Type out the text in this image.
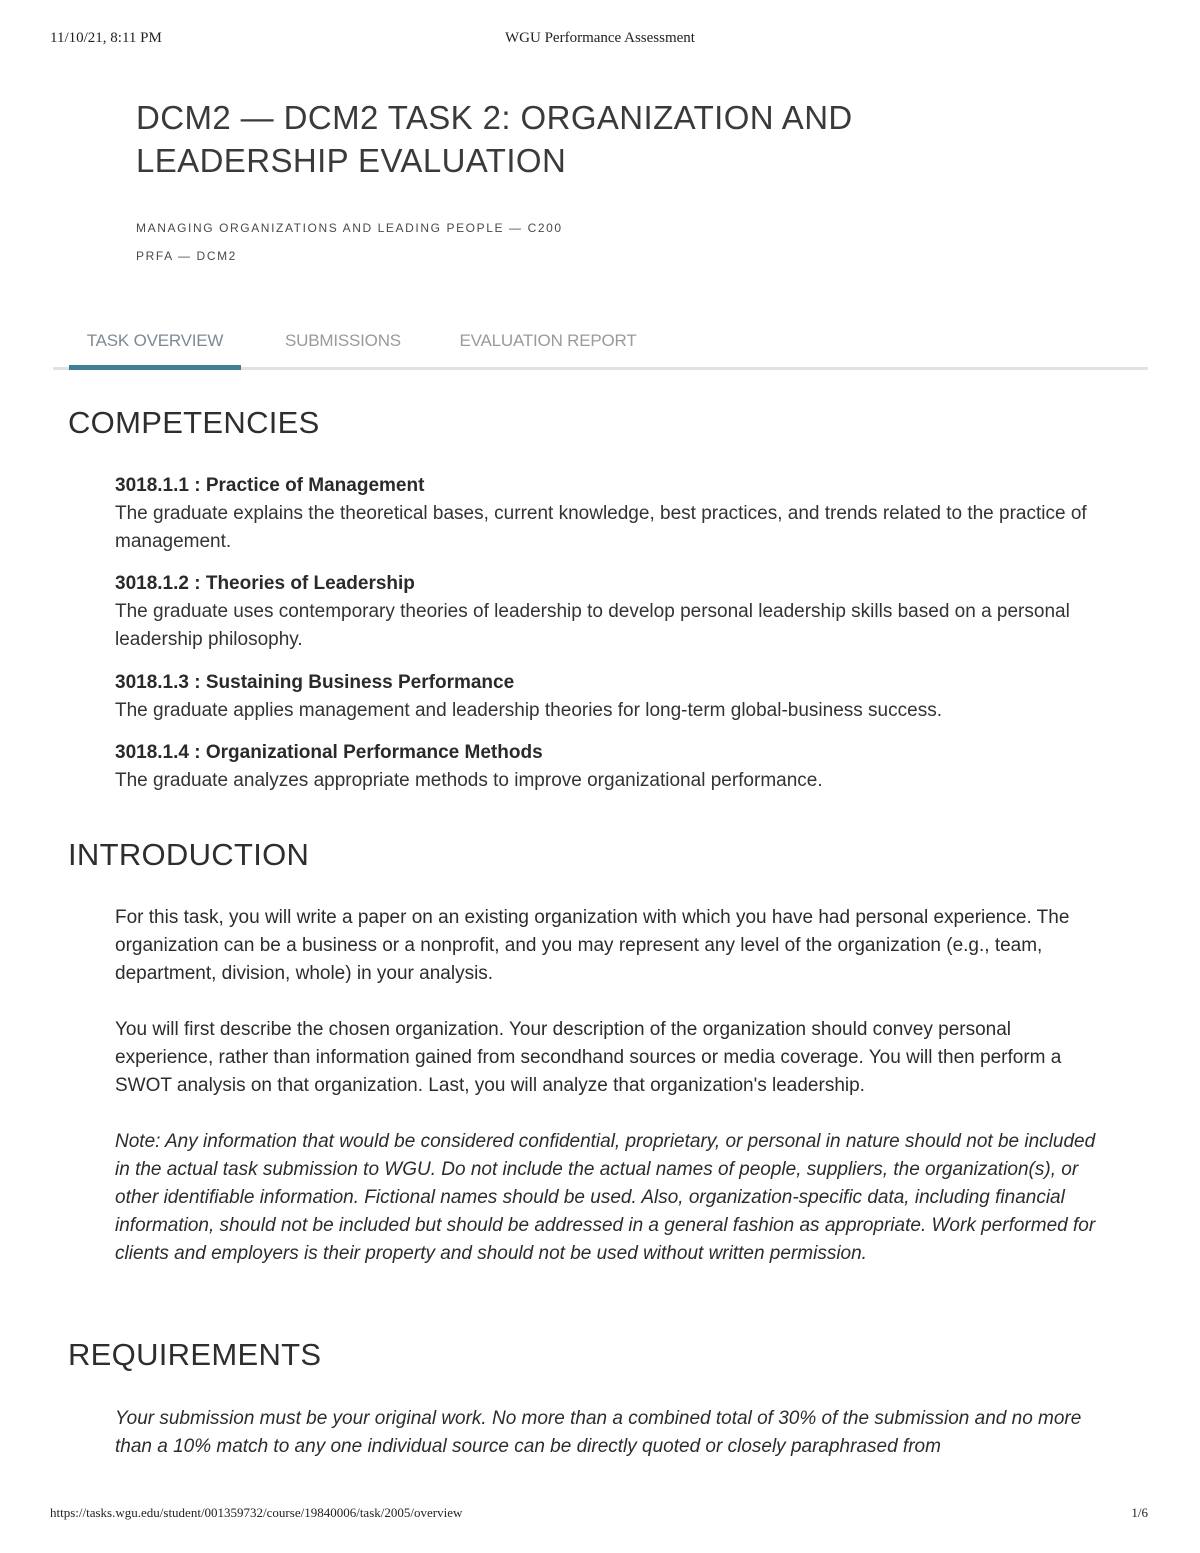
11/10/21, 8:11 PM	WGU Performance Assessment
DCM2 — DCM2 TASK 2: ORGANIZATION AND LEADERSHIP EVALUATION
MANAGING ORGANIZATIONS AND LEADING PEOPLE — C200
PRFA — DCM2
TASK OVERVIEW	SUBMISSIONS	EVALUATION REPORT
COMPETENCIES
3018.1.1 : Practice of Management
The graduate explains the theoretical bases, current knowledge, best practices, and trends related to the practice of management.
3018.1.2 : Theories of Leadership
The graduate uses contemporary theories of leadership to develop personal leadership skills based on a personal leadership philosophy.
3018.1.3 : Sustaining Business Performance
The graduate applies management and leadership theories for long-term global-business success.
3018.1.4 : Organizational Performance Methods
The graduate analyzes appropriate methods to improve organizational performance.
INTRODUCTION

For this task, you will write a paper on an existing organization with which you have had personal experience. The organization can be a business or a nonprofit, and you may represent any level of the organization (e.g., team, department, division, whole) in your analysis.

You will first describe the chosen organization. Your description of the organization should convey personal experience, rather than information gained from secondhand sources or media coverage. You will then perform a SWOT analysis on that organization. Last, you will analyze that organization's leadership.

Note: Any information that would be considered confidential, proprietary, or personal in nature should not be included in the actual task submission to WGU. Do not include the actual names of people, suppliers, the organization(s), or other identifiable information. Fictional names should be used. Also, organization-specific data, including financial information, should not be included but should be addressed in a general fashion as appropriate. Work performed for clients and employers is their property and should not be used without written permission.

REQUIREMENTS

Your submission must be your original work. No more than a combined total of 30% of the submission and no more than a 10% match to any one individual source can be directly quoted or closely paraphrased from

https://tasks.wgu.edu/student/001359732/course/19840006/task/2005/overview	1/6
